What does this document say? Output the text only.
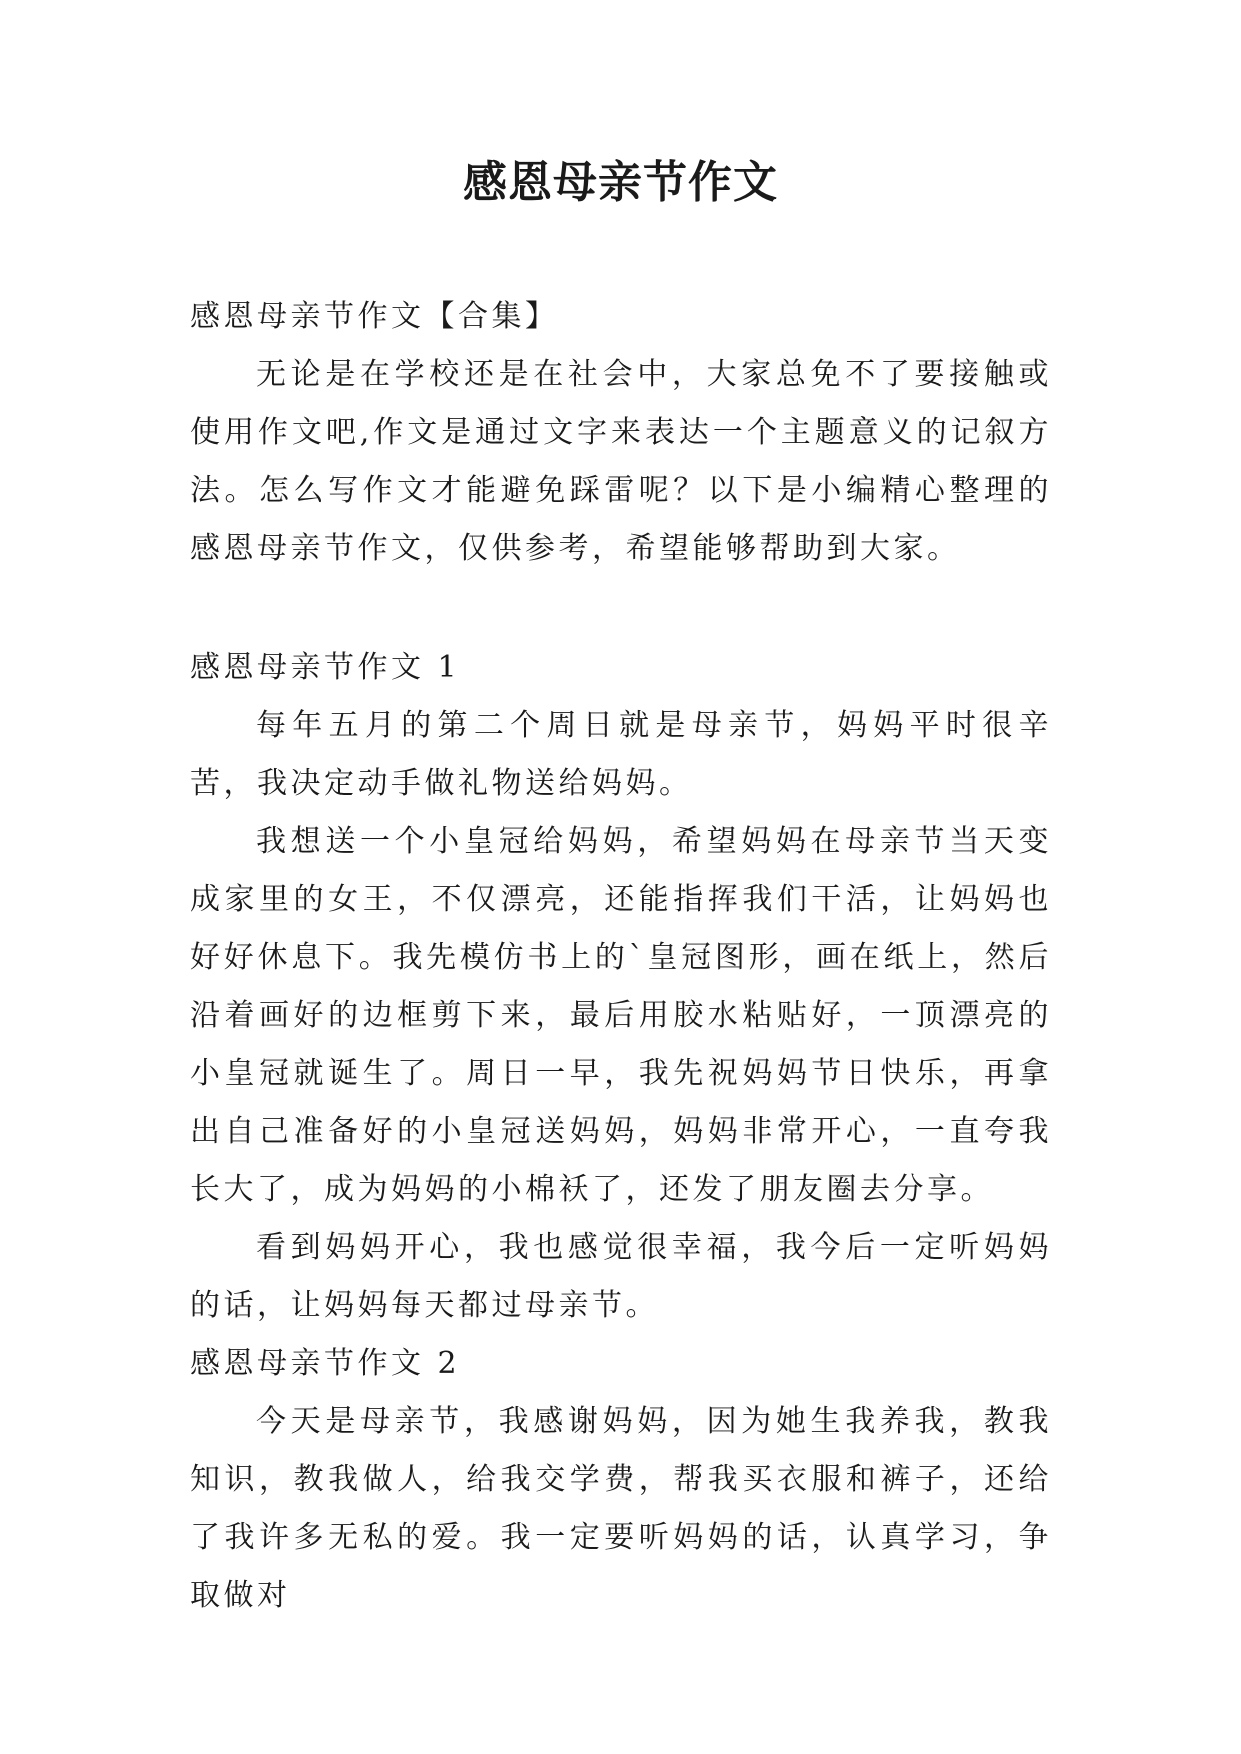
感恩母亲节作文

感恩母亲节作文【合集】

无论是在学校还是在社会中，大家总免不了要接触或使用作文吧,作文是通过文字来表达一个主题意义的记叙方法。怎么写作文才能避免踩雷呢？以下是小编精心整理的感恩母亲节作文，仅供参考，希望能够帮助到大家。

感恩母亲节作文 1

每年五月的第二个周日就是母亲节，妈妈平时很辛苦，我决定动手做礼物送给妈妈。

我想送一个小皇冠给妈妈，希望妈妈在母亲节当天变成家里的女王，不仅漂亮，还能指挥我们干活，让妈妈也好好休息下。我先模仿书上的`皇冠图形，画在纸上，然后沿着画好的边框剪下来，最后用胶水粘贴好，一顶漂亮的小皇冠就诞生了。周日一早，我先祝妈妈节日快乐，再拿出自己准备好的小皇冠送妈妈，妈妈非常开心，一直夸我长大了，成为妈妈的小棉袄了，还发了朋友圈去分享。

看到妈妈开心，我也感觉很幸福，我今后一定听妈妈的话，让妈妈每天都过母亲节。

感恩母亲节作文 2

今天是母亲节，我感谢妈妈，因为她生我养我，教我知识，教我做人，给我交学费，帮我买衣服和裤子，还给了我许多无私的爱。我一定要听妈妈的话，认真学习，争取做对
